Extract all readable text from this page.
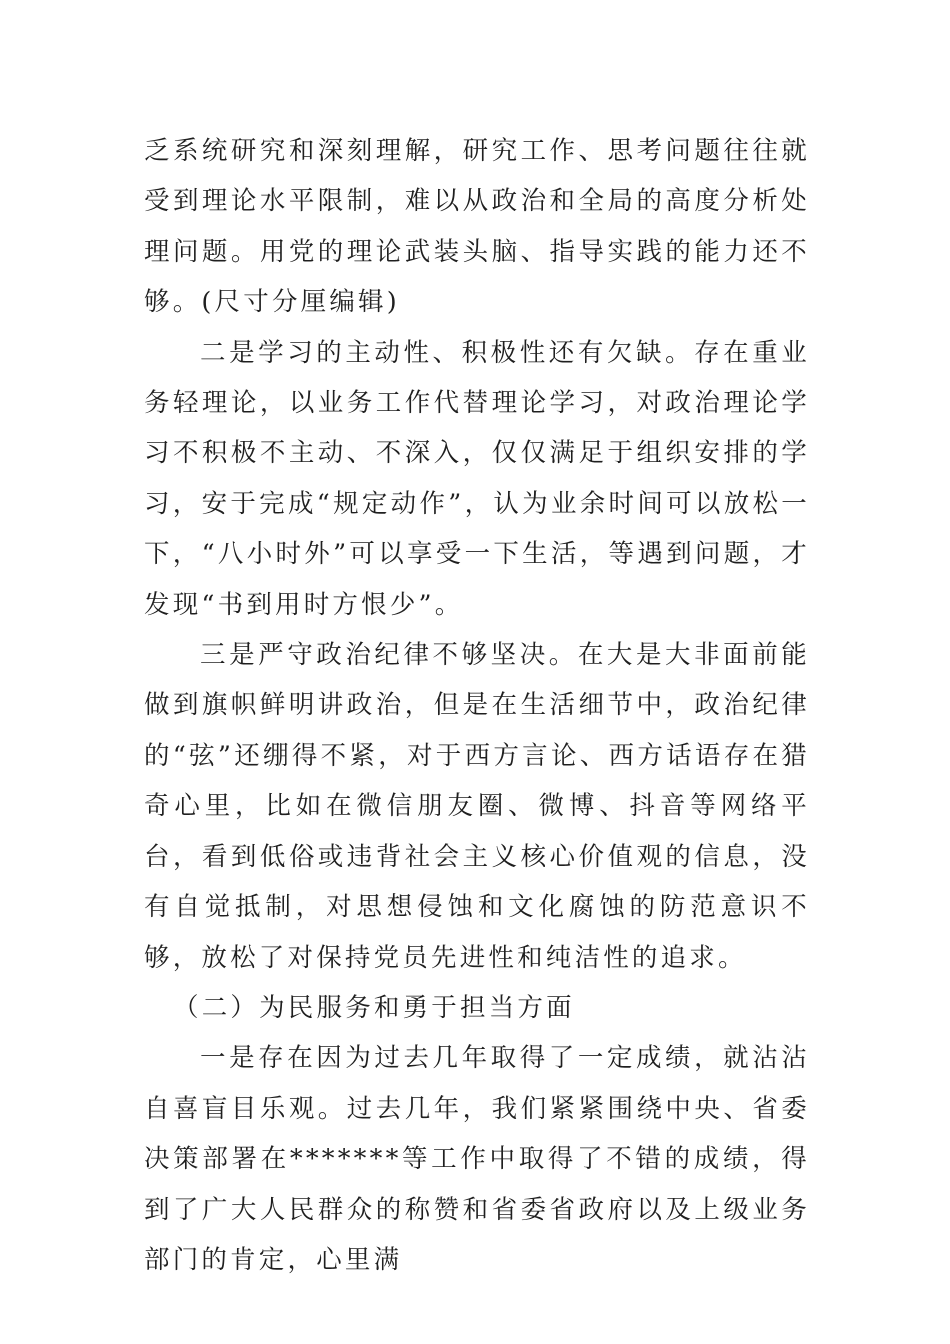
乏系统研究和深刻理解，研究工作、思考问题往往就受到理论水平限制，难以从政治和全局的高度分析处理问题。用党的理论武装头脑、指导实践的能力还不够。(尺寸分厘编辑)

二是学习的主动性、积极性还有欠缺。存在重业务轻理论，以业务工作代替理论学习，对政治理论学习不积极不主动、不深入，仅仅满足于组织安排的学习，安于完成“规定动作”，认为业余时间可以放松一下，“八小时外”可以享受一下生活，等遇到问题，才发现“书到用时方恨少”。

三是严守政治纪律不够坚决。在大是大非面前能做到旗帜鲜明讲政治，但是在生活细节中，政治纪律的“弦”还绷得不紧，对于西方言论、西方话语存在猎奇心里，比如在微信朋友圈、微博、抖音等网络平台，看到低俗或违背社会主义核心价值观的信息，没有自觉抵制，对思想侵蚀和文化腐蚀的防范意识不够，放松了对保持党员先进性和纯洁性的追求。

（二）为民服务和勇于担当方面

一是存在因为过去几年取得了一定成绩，就沾沾自喜盲目乐观。过去几年，我们紧紧围绕中央、省委决策部署在*******等工作中取得了不错的成绩，得到了广大人民群众的称赞和省委省政府以及上级业务部门的肯定，心里满
